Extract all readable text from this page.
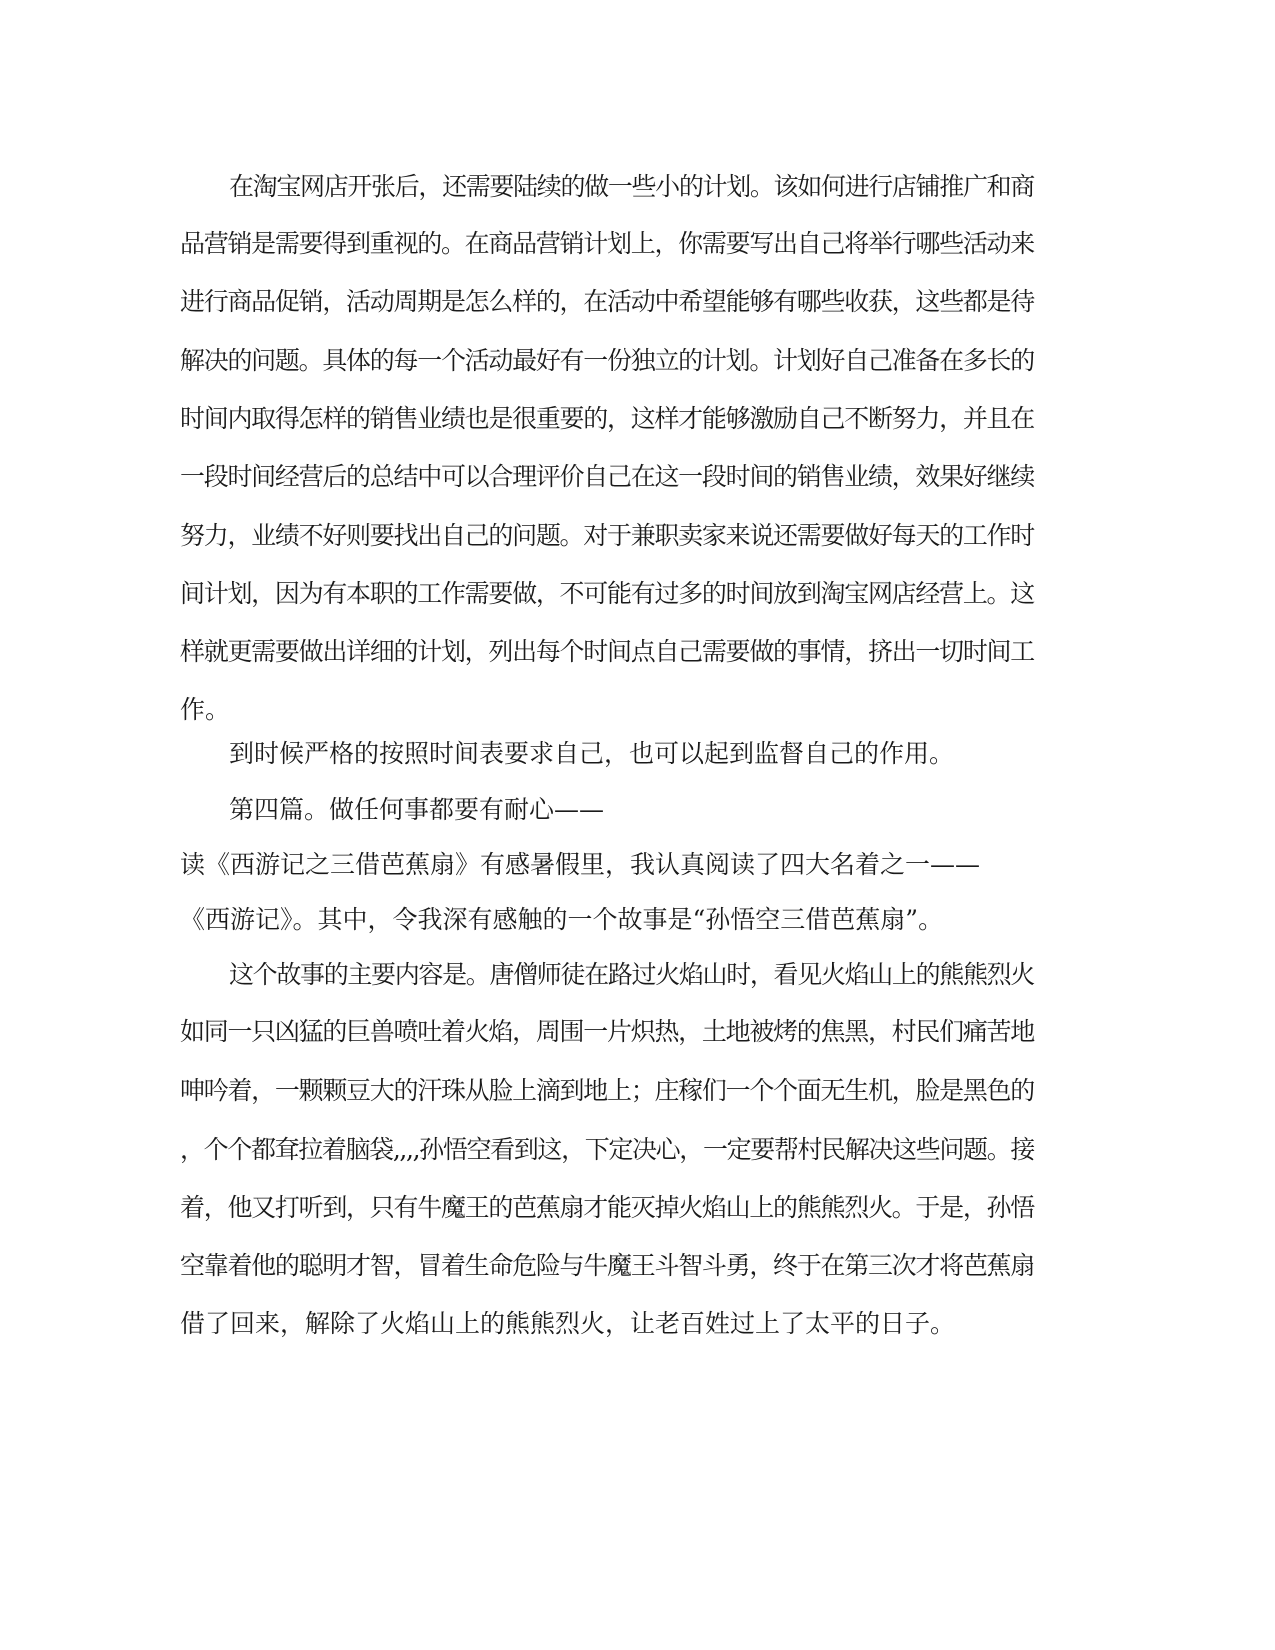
在淘宝网店开张后，还需要陆续的做一些小的计划。该如何进行店铺推广和商
品营销是需要得到重视的。在商品营销计划上，你需要写出自己将举行哪些活动来
进行商品促销，活动周期是怎么样的，在活动中希望能够有哪些收获，这些都是待
解决的问题。具体的每一个活动最好有一份独立的计划。计划好自己准备在多长的
时间内取得怎样的销售业绩也是很重要的，这样才能够激励自己不断努力，并且在
一段时间经营后的总结中可以合理评价自己在这一段时间的销售业绩，效果好继续
努力，业绩不好则要找出自己的问题。对于兼职卖家来说还需要做好每天的工作时
间计划，因为有本职的工作需要做，不可能有过多的时间放到淘宝网店经营上。这
样就更需要做出详细的计划，列出每个时间点自己需要做的事情，挤出一切时间工
作。
到时候严格的按照时间表要求自己，也可以起到监督自己的作用。
第四篇。做任何事都要有耐心——
读《西游记之三借芭蕉扇》有感暑假里，我认真阅读了四大名着之一——
《西游记》。其中，令我深有感触的一个故事是“孙悟空三借芭蕉扇”。
这个故事的主要内容是。唐僧师徒在路过火焰山时，看见火焰山上的熊熊烈火
如同一只凶猛的巨兽喷吐着火焰，周围一片炽热，土地被烤的焦黑，村民们痛苦地
呻吟着，一颗颗豆大的汗珠从脸上滴到地上；庄稼们一个个面无生机，脸是黑色的
，个个都耷拉着脑袋,,,,孙悟空看到这，下定决心，一定要帮村民解决这些问题。接
着，他又打听到，只有牛魔王的芭蕉扇才能灭掉火焰山上的熊熊烈火。于是，孙悟
空靠着他的聪明才智，冒着生命危险与牛魔王斗智斗勇，终于在第三次才将芭蕉扇
借了回来，解除了火焰山上的熊熊烈火，让老百姓过上了太平的日子。
